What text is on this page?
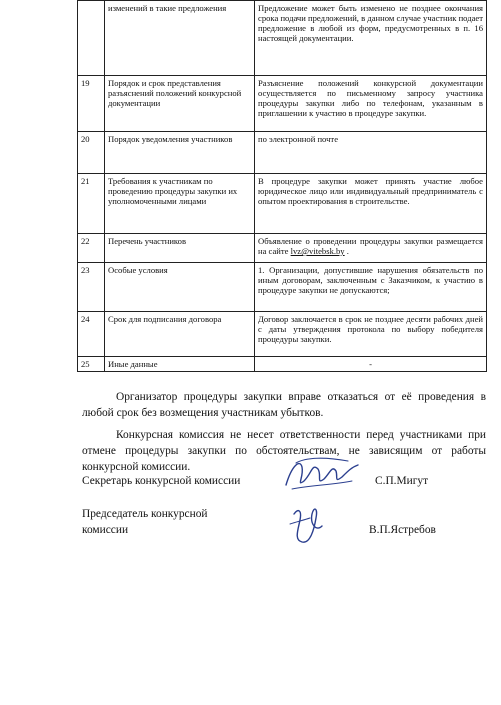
	изменений в такие предложения	Предложение может быть изменено не позднее окончания срока подачи предложений, в данном случае участник подает предложение в любой из форм, предусмотренных в п. 16 настоящей документации.
19	Порядок и срок представления разъяснений положений конкурсной документации	Разъяснение положений конкурсной документации осуществляется по письменному запросу участника процедуры закупки либо по телефонам, указанным в приглашении к участию в процедуре закупки.
20	Порядок уведомления участников	по электронной почте
21	Требования к участникам по проведению процедуры закупки их уполномоченными лицами	В процедуре закупки может принять участие любое юридическое лицо или индивидуальный предприниматель с опытом проектирования в строительстве.
22	Перечень участников	Объявление о проведении процедуры закупки размещается на сайте lvz@vitebsk.by .
23	Особые условия	1. Организации, допустившие нарушения обязательств по иным договорам, заключенным с Заказчиком, к участию в процедуре закупки не допускаются;
24	Срок для подписания договора	Договор заключается в срок не позднее десяти рабочих дней с даты утверждения протокола по выбору победителя процедуры закупки.
25	Иные данные	-
Организатор процедуры закупки вправе отказаться от её проведения в любой срок без возмещения участникам убытков.
Конкурсная комиссия не несет ответственности перед участниками при отмене процедуры закупки по обстоятельствам, не зависящим от работы конкурсной комиссии.
Секретарь конкурсной комиссии	С.П.Мигут
Председатель конкурсной
комиссии	В.П.Ястребов
